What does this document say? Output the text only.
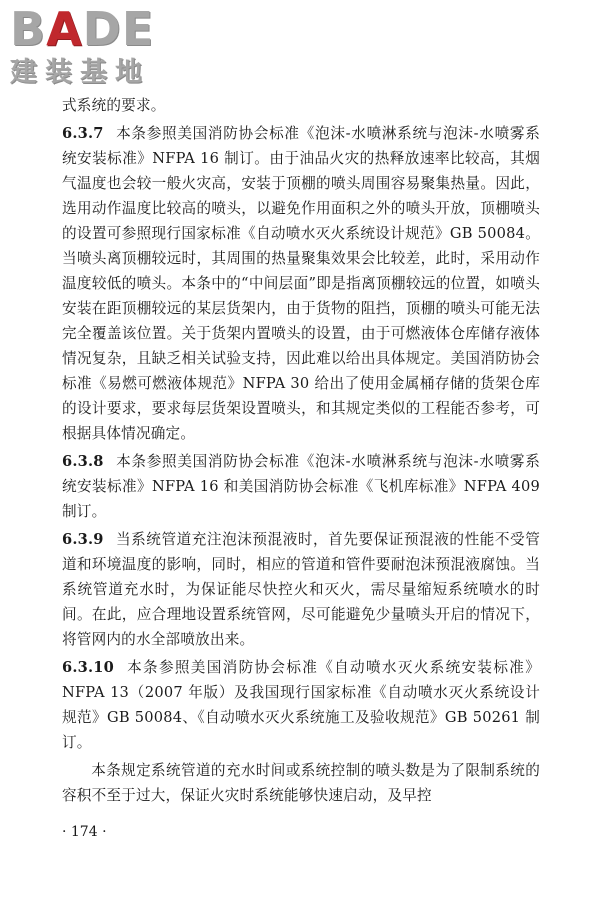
BADE
建装基地

式系统的要求。

6.3.7 本条参照美国消防协会标准《泡沫-水喷淋系统与泡沫-水喷雾系统安装标准》NFPA 16 制订。由于油品火灾的热释放速率比较高，其烟气温度也会较一般火灾高，安装于顶棚的喷头周围容易聚集热量。因此，选用动作温度比较高的喷头，以避免作用面积之外的喷头开放，顶棚喷头的设置可参照现行国家标准《自动喷水灭火系统设计规范》GB 50084。当喷头离顶棚较远时，其周围的热量聚集效果会比较差，此时，采用动作温度较低的喷头。本条中的“中间层面”即是指离顶棚较远的位置，如喷头安装在距顶棚较远的某层货架内，由于货物的阻挡，顶棚的喷头可能无法完全覆盖该位置。关于货架内置喷头的设置，由于可燃液体仓库储存液体情况复杂，且缺乏相关试验支持，因此难以给出具体规定。美国消防协会标准《易燃可燃液体规范》NFPA 30 给出了使用金属桶存储的货架仓库的设计要求，要求每层货架设置喷头，和其规定类似的工程能否参考，可根据具体情况确定。

6.3.8 本条参照美国消防协会标准《泡沫-水喷淋系统与泡沫-水喷雾系统安装标准》NFPA 16 和美国消防协会标准《飞机库标准》NFPA 409 制订。

6.3.9 当系统管道充注泡沫预混液时，首先要保证预混液的性能不受管道和环境温度的影响，同时，相应的管道和管件要耐泡沫预混液腐蚀。当系统管道充水时，为保证能尽快控火和灭火，需尽量缩短系统喷水的时间。在此，应合理地设置系统管网，尽可能避免少量喷头开启的情况下，将管网内的水全部喷放出来。

6.3.10 本条参照美国消防协会标准《自动喷水灭火系统安装标准》NFPA 13（2007 年版）及我国现行国家标准《自动喷水灭火系统设计规范》GB 50084、《自动喷水灭火系统施工及验收规范》GB 50261 制订。

本条规定系统管道的充水时间或系统控制的喷头数是为了限制系统的容积不至于过大，保证火灾时系统能够快速启动，及早控

· 174 ·
